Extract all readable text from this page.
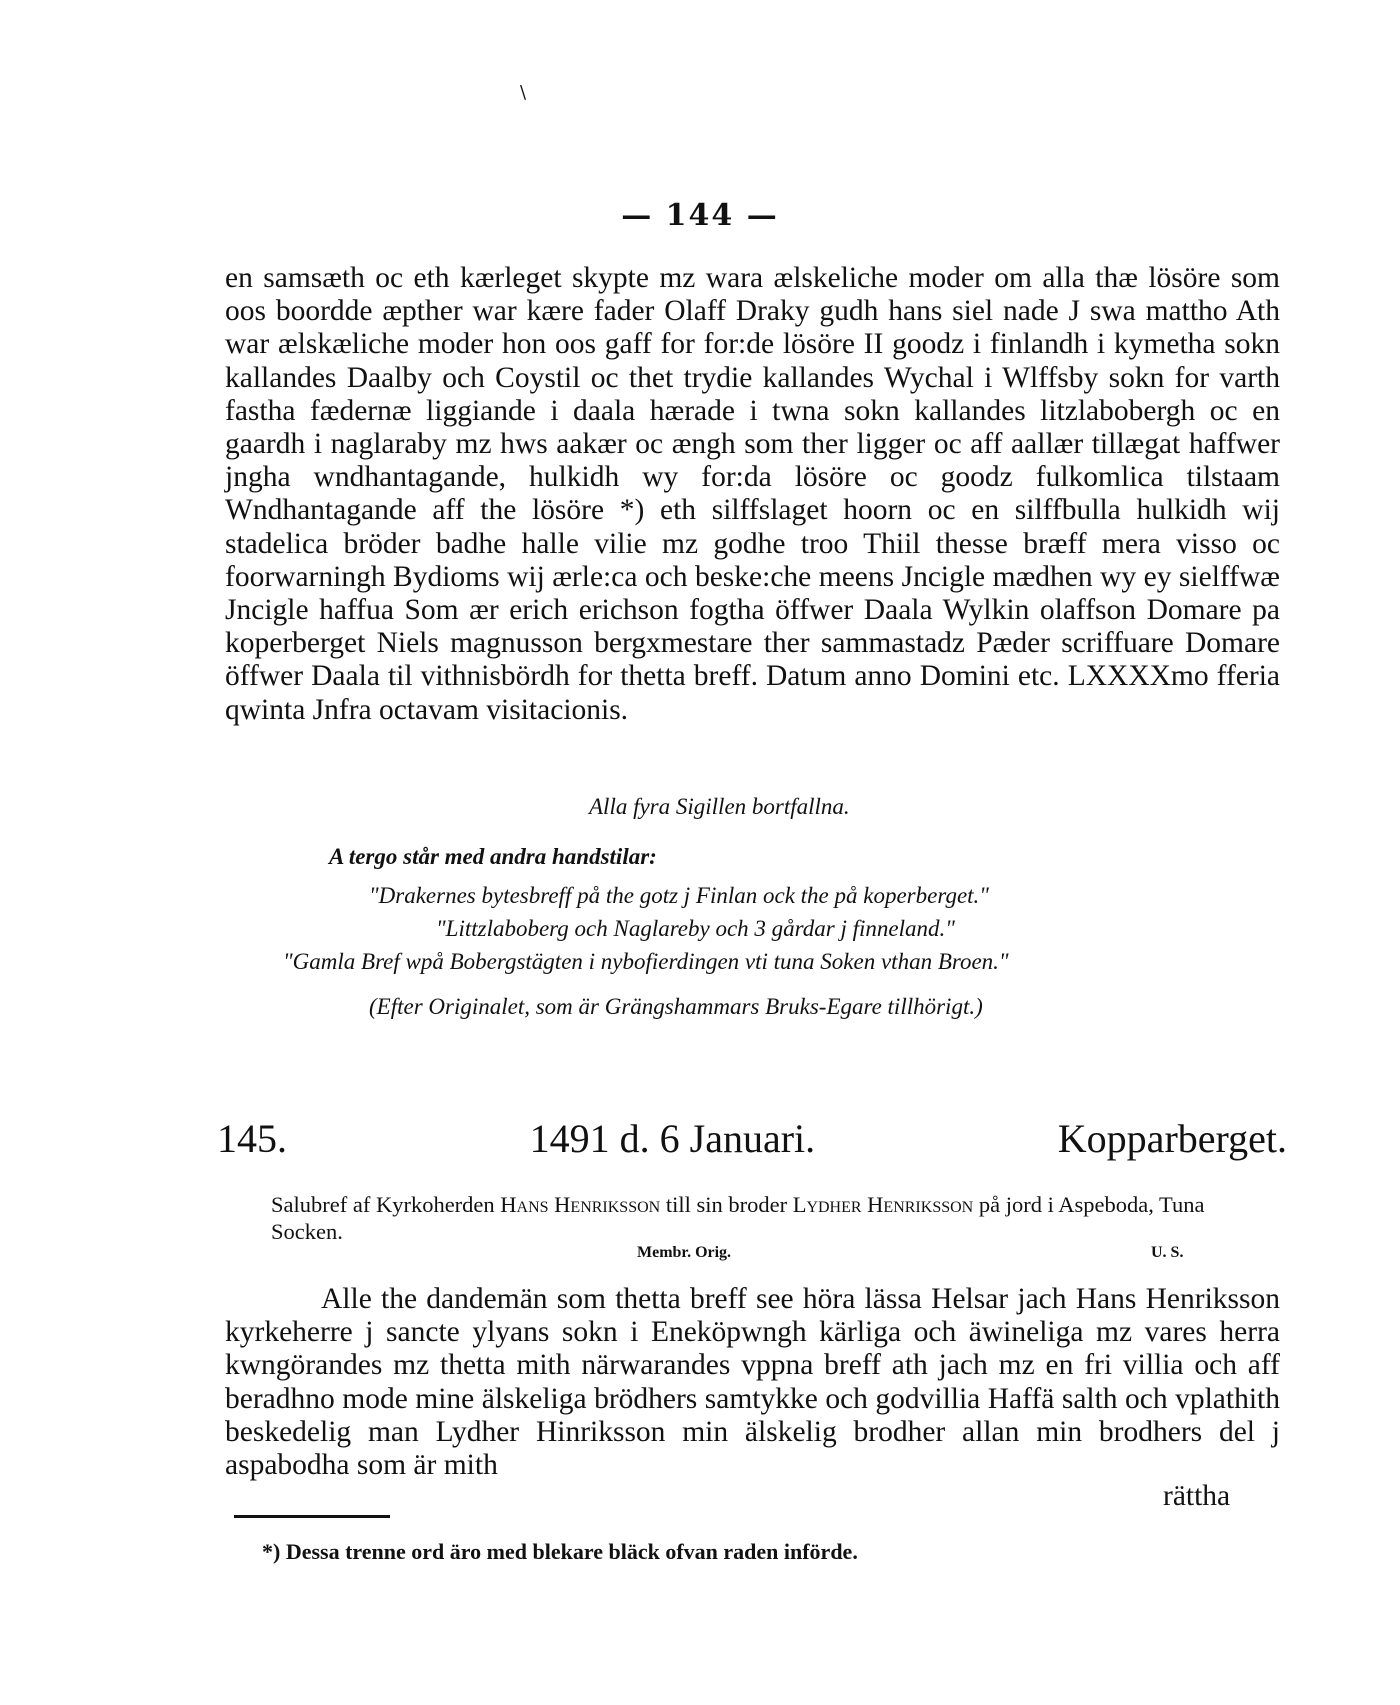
\
— 144 —

en samsæth oc eth kærleget skypte mz wara ælskeliche moder om alla thæ lösöre som oos boordde æpther war kære fader Olaff Draky gudh hans siel nade J swa mattho Ath war ælskæliche moder hon oos gaff for for:de lösöre II goodz i finlandh i kymetha sokn kallandes Daalby och Coystil oc thet trydie kallandes Wychal i Wlffsby sokn for varth fastha fædernæ liggiande i daala hærade i twna sokn kallandes litzlabobergh oc en gaardh i naglaraby mz hws aakær oc ængh som ther ligger oc aff aallær tillægat haffwer jngha wndhantagande, hulkidh wy for:da lösöre oc goodz fulkomlica tilstaam Wndhantagande aff the lösöre *) eth silffslaget hoorn oc en silffbulla hulkidh wij stadelica bröder badhe halle vilie mz godhe troo Thiil thesse bræff mera visso oc foorwarningh Bydioms wij ærle:ca och beske:che meens Jncigle mædhen wy ey sielffwæ Jncigle haffua Som ær erich erichson fogtha öffwer Daala Wylkin olaffson Domare pa koperberget Niels magnusson bergxmestare ther sammastadz Pæder scriffuare Domare öffwer Daala til vithnisbördh for thetta breff. Datum anno Domini etc. LXXXXmo fferia qwinta Jnfra octavam visitacionis.

Alla fyra Sigillen bortfallna.
A tergo står med andra handstilar:
"Drakernes bytesbreff på the gotz j Finlan ock the på koperberget."
"Littzlaboberg och Naglareby och 3 gårdar j finneland."
"Gamla Bref wpå Bobergstägten i nybofierdingen vti tuna Soken vthan Broen."
(Efter Originalet, som är Grängshammars Bruks-Egare tillhörigt.)
145.	1491 d. 6 Januari.	Kopparberget.

Salubref af Kyrkoherden Hans Henriksson till sin broder Lydher Henriksson på jord i Aspeboda, Tuna Socken.

Membr. Orig.	U. S.

Alle the dandemän som thetta breff see höra lässa Helsar jach Hans Henriksson kyrkeherre j sancte ylyans sokn i Eneköpwngh kärliga och äwineliga mz vares herra kwngörandes mz thetta mith närwarandes vppna breff ath jach mz en fri villia och aff beradhno mode mine älskeliga brödhers samtykke och godvillia Haffä salth och vplathith beskedelig man Lydher Hinriksson min älskelig brodher allan min brodhers del j aspabodha som är mith

rättha
*) Dessa trenne ord äro med blekare bläck ofvan raden införde.
